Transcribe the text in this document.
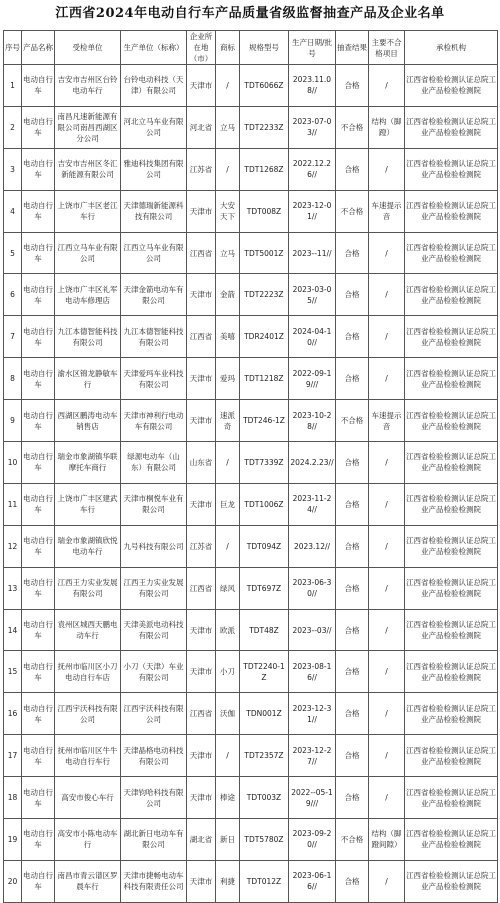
江西省2024年电动自行车产品质量省级监督抽查产品及企业名单
序号	产品名称	受检单位	生产单位（标称）	企业所在地（市）	商标	规格型号	生产日期/批号	抽查结果	主要不合格项目	承检机构
1	电动自行车	吉安市吉州区台铃电动车行	台铃电动科技（天津）有限公司	天津市	/	TDT6066Z	2023.11.08//	合格	/	江西省检验检测认证总院工业产品检验检测院
2	电动自行车	南昌凡速新能源有限公司南昌西湖区分公司	河北立马车业有限公司	河北省	立马	TDT2233Z	2023-07-03//	不合格	结构（脚蹬）	江西省检验检测认证总院工业产品检验检测院
3	电动自行车	吉安市吉州区冬汇新能源有限公司	雅迪科技集团有限公司	江苏省	/	TDT1268Z	2022.12.26//	合格	/	江西省检验检测认证总院工业产品检验检测院
4	电动自行车	上饶市广丰区老江车行	天津德瑞新能源科技有限公司	天津市	大安天下	TDT008Z	2023-12-01//	不合格	车速提示音	江西省检验检测认证总院工业产品检验检测院
5	电动自行车	江西立马车业有限公司	江西立马车业有限公司	江西省	立马	TDT5001Z	2023--11//	合格	/	江西省检验检测认证总院工业产品检验检测院
6	电动自行车	上饶市广丰区礼军电动车修理店	天津金箭电动车有限公司	天津市	金箭	TDT2223Z	2023-03-05//	合格	/	江西省检验检测认证总院工业产品检验检测院
7	电动自行车	九江本德智能科技有限公司	九江本德智能科技有限公司	江西省	美嘻	TDR2401Z	2024-04-10//	合格	/	江西省检验检测认证总院工业产品检验检测院
8	电动自行车	渝水区锦龙静敏车行	天津爱玛车业科技有限公司	天津市	爱玛	TDT1218Z	2022-09-19///	合格	/	江西省检验检测认证总院工业产品检验检测院
9	电动自行车	西湖区鹏涛电动车销售店	天津市神利行电动车有限公司	天津市	速派奇	TDT246-1Z	2023-10-28//	不合格	车速提示音	江西省检验检测认证总院工业产品检验检测院
10	电动自行车	瑞金市象湖镇华联摩托车商行	绿源电动车（山东）有限公司	山东省	/	TDT7339Z	2024.2.23//	合格	/	江西省检验检测认证总院工业产品检验检测院
11	电动自行车	上饶市广丰区建武车行	天津市桐悦车业有限公司	天津市	巨龙	TDT1006Z	2023-11-24//	合格	/	江西省检验检测认证总院工业产品检验检测院
12	电动自行车	瑞金市象湖镇欣悦电动车行	九号科技有限公司	江苏省	/	TDT094Z	2023.12//	合格	/	江西省检验检测认证总院工业产品检验检测院
13	电动自行车	江西王力实业发展有限公司	江西王力实业发展有限公司	江西省	绿风	TDT697Z	2023-06-30//	合格	/	江西省检验检测认证总院工业产品检验检测院
14	电动自行车	袁州区城西天鹏电动车行	天津美派电动科技有限公司	天津市	欧派	TDT48Z	2023--03//	合格	/	江西省检验检测认证总院工业产品检验检测院
15	电动自行车	抚州市临川区小刀电动自行车店	小刀（天津）车业有限公司	天津市	小刀	TDT2240-1Z	2023-08-16//	合格	/	江西省检验检测认证总院工业产品检验检测院
16	电动自行车	江西宇沃科技有限公司	江西宇沃科技有限公司	江西省	沃伽	TDN001Z	2023-12-31//	合格	/	江西省检验检测认证总院工业产品检验检测院
17	电动自行车	抚州市临川区牛牛电动自行车行	天津晶格电动科技有限公司	天津市	/	TDT2357Z	2023-12-27//	合格	/	江西省检验检测认证总院工业产品检验检测院
18	电动自行车	高安市俊心车行	天津钧哈科技有限公司	天津市	棒途	TDT003Z	2022--05-19///	合格	/	江西省检验检测认证总院工业产品检验检测院
19	电动自行车	高安市小陈电动车行	湖北新日电动车有限公司	湖北省	新日	TDT5780Z	2023-09-20//	不合格	结构（脚蹬间隙）	江西省检验检测认证总院工业产品检验检测院
20	电动自行车	南昌市青云谱区罗晨车行	天津市捷畅电动车科技有限责任公司	天津市	利捷	TDT012Z	2023-06-16//	合格	/	江西省检验检测认证总院工业产品检验检测院
